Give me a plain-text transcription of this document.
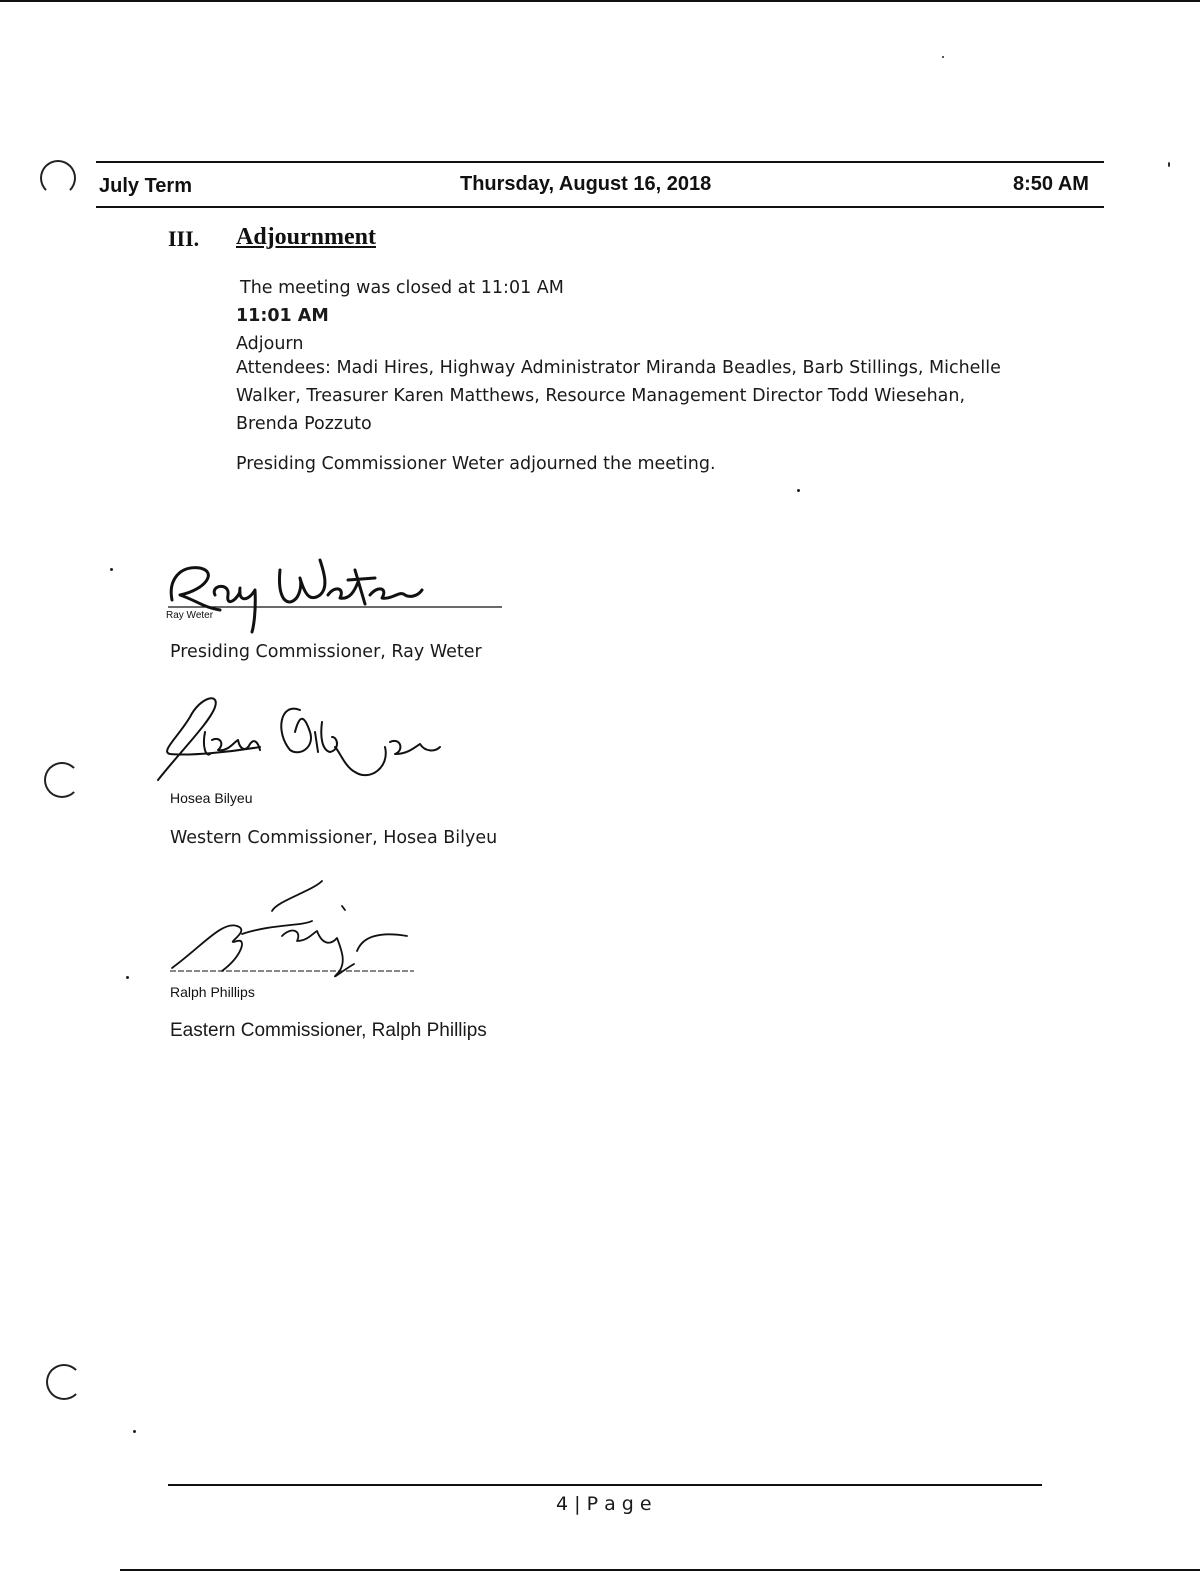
July Term	Thursday, August 16, 2018	8:50 AM
III. Adjournment
The meeting was closed at 11:01 AM
11:01 AM
Adjourn
Attendees: Madi Hires, Highway Administrator Miranda Beadles, Barb Stillings, Michelle
Walker, Treasurer Karen Matthews, Resource Management Director Todd Wiesehan,
Brenda Pozzuto
Presiding Commissioner Weter adjourned the meeting.
Ray Weter
Presiding Commissioner, Ray Weter
Hosea Bilyeu
Western Commissioner, Hosea Bilyeu
Ralph Phillips
Eastern Commissioner, Ralph Phillips
4 | P a g e
